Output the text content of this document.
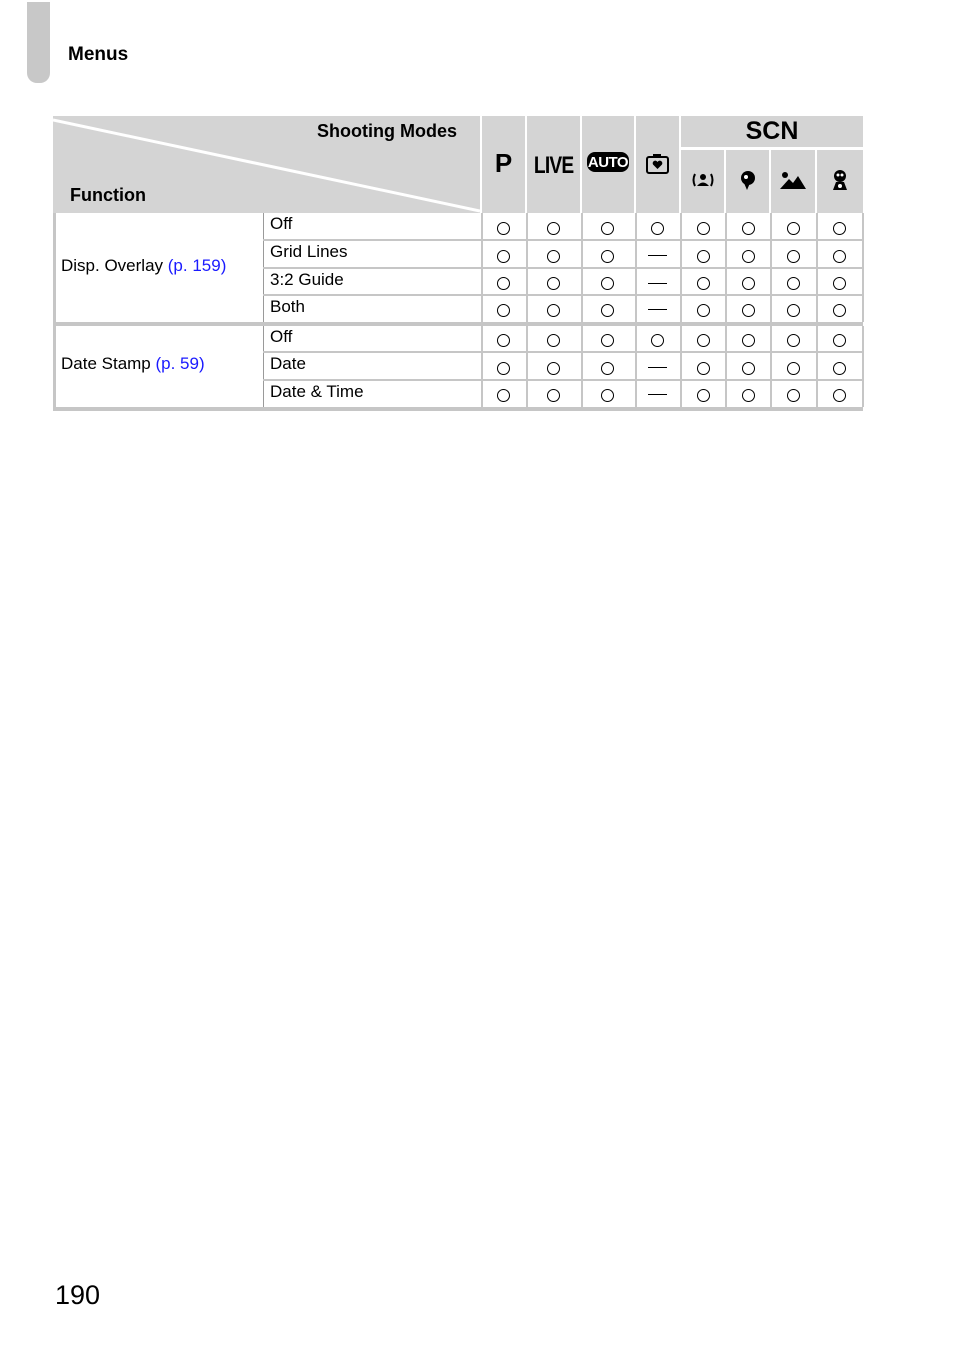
Menus
Shooting Modes
Function
P LIVE AUTO
SCN
Disp. Overlay (p. 159)
Date Stamp (p. 59)
Off
Grid Lines
3:2 Guide
Both
Off
Date
Date & Time
190
